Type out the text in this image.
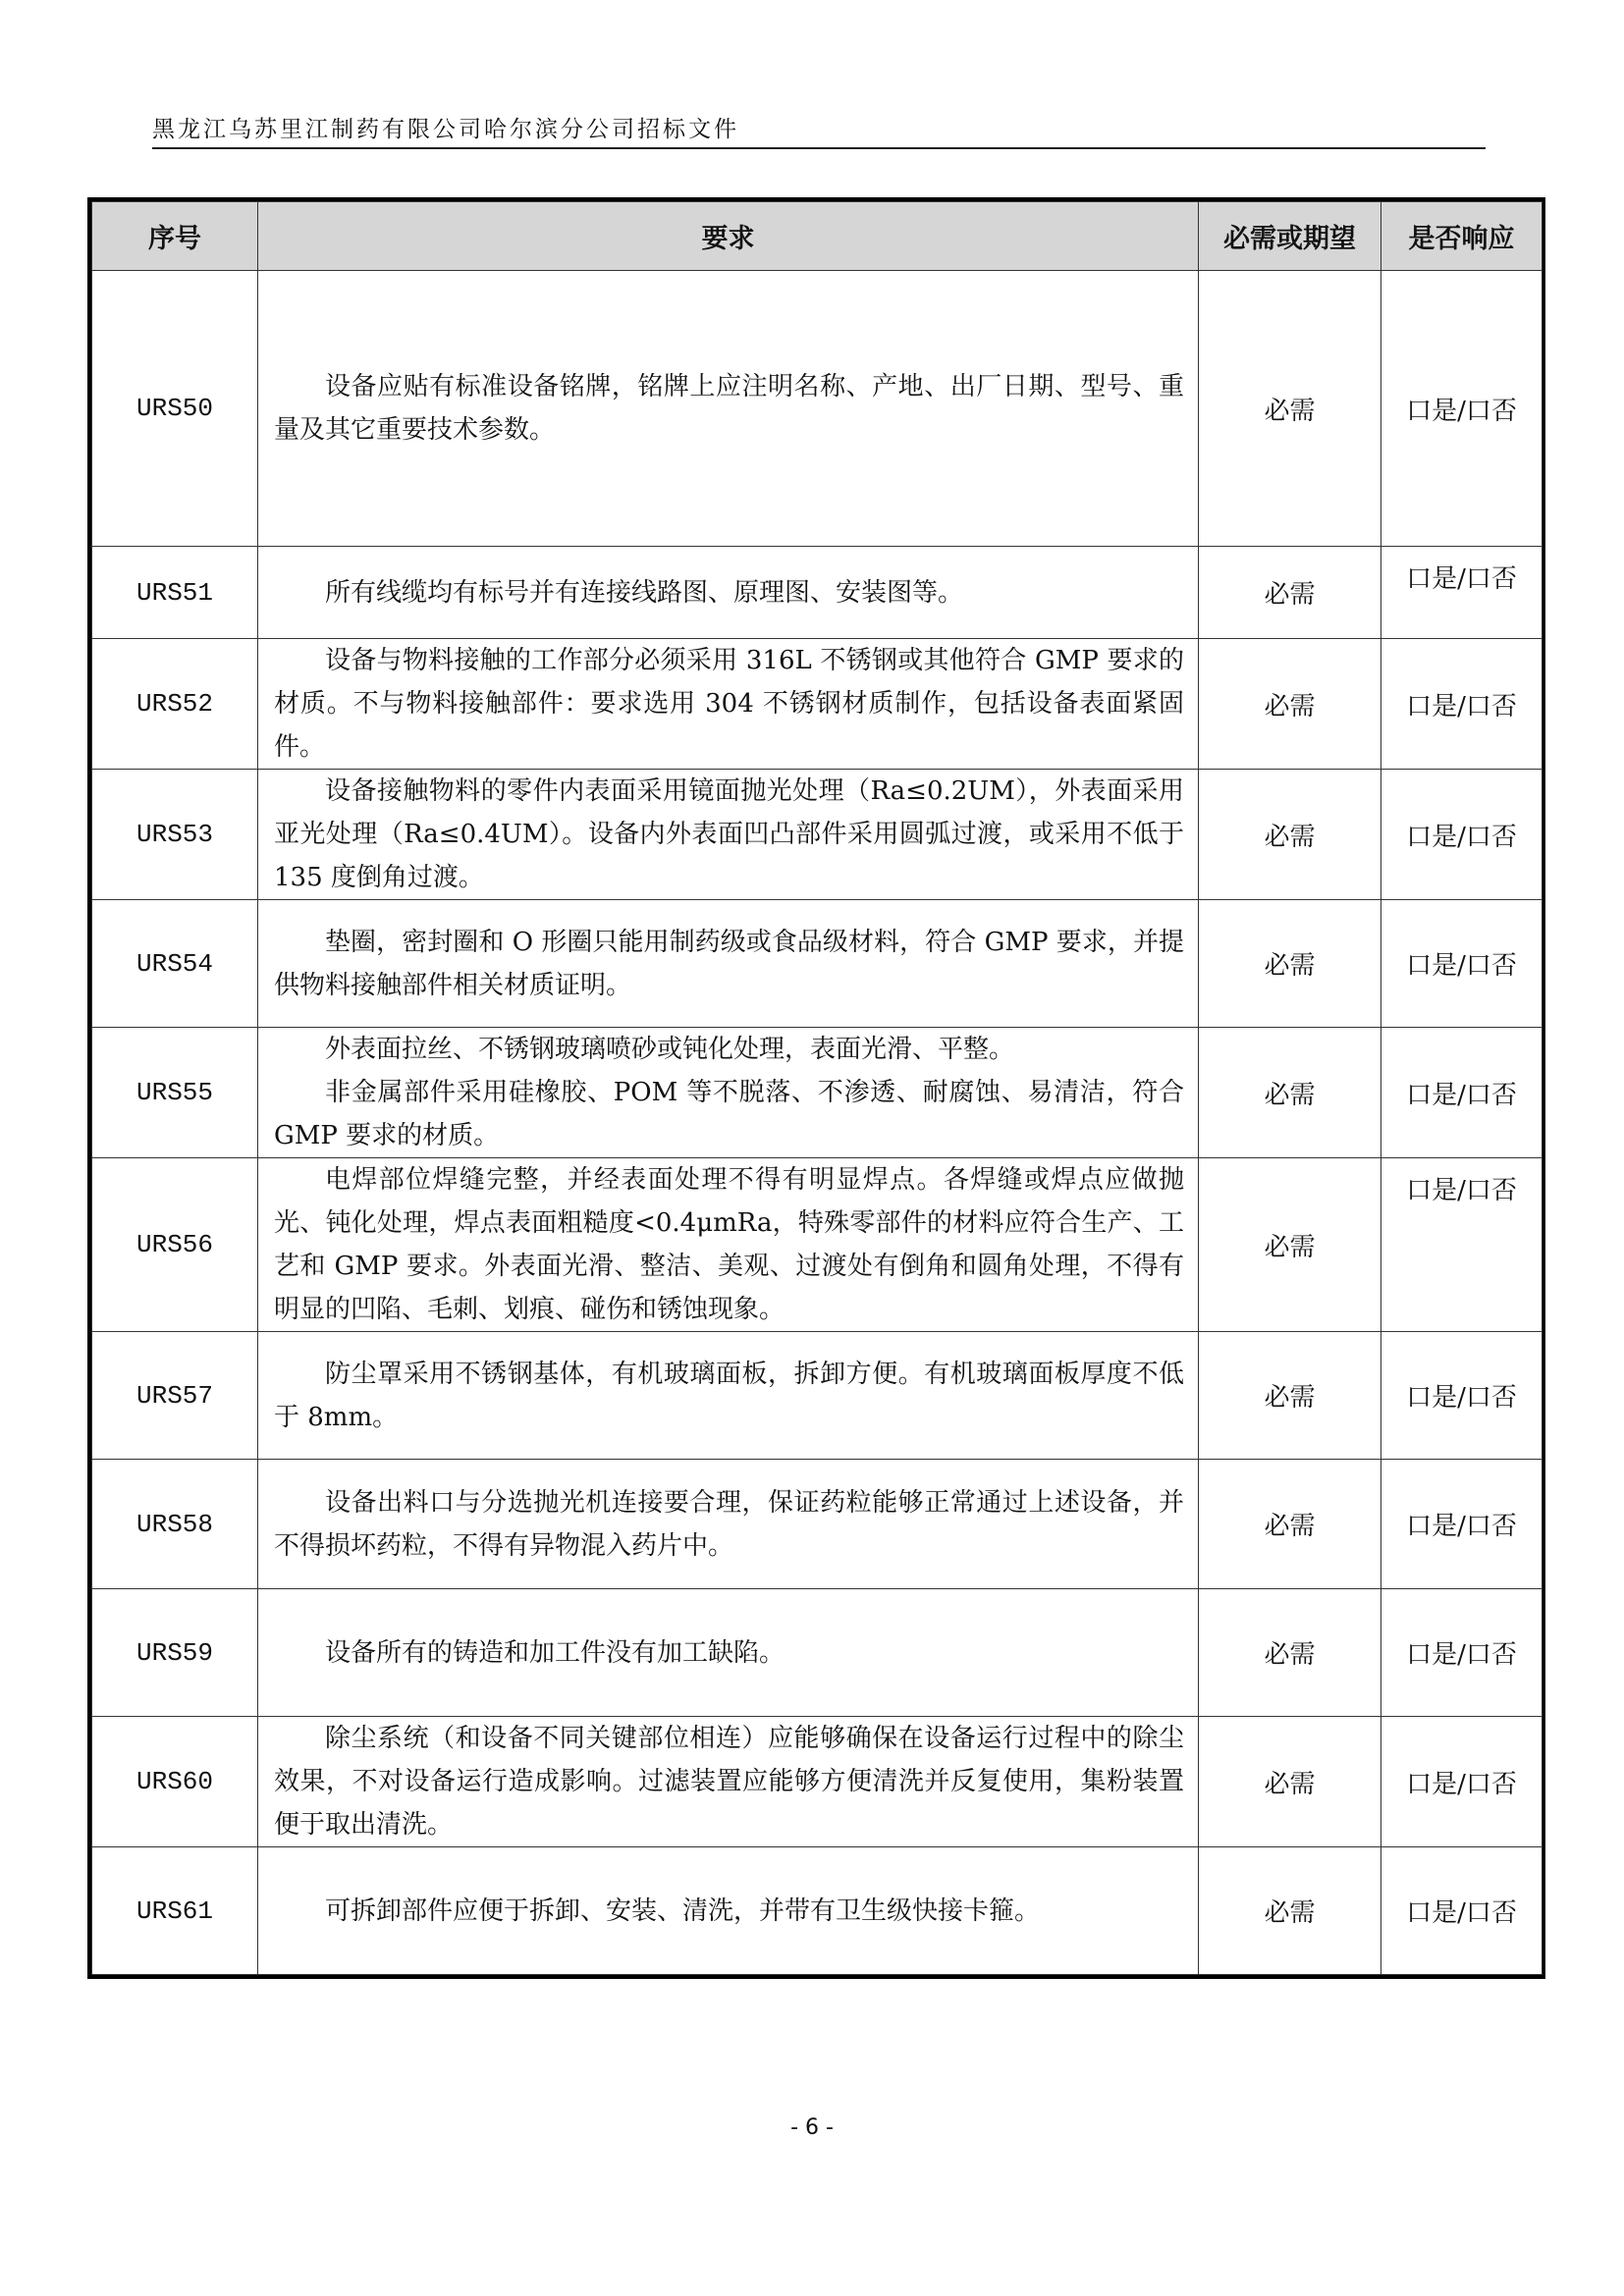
黑龙江乌苏里江制药有限公司哈尔滨分公司招标文件
序号	要求	必需或期望	是否响应
URS50	设备应贴有标准设备铭牌，铭牌上应注明名称、产地、出厂日期、型号、重量及其它重要技术参数。	必需	口是/口否
URS51	所有线缆均有标号并有连接线路图、原理图、安装图等。	必需	口是/口否
URS52	设备与物料接触的工作部分必须采用 316L 不锈钢或其他符合 GMP 要求的材质。不与物料接触部件：要求选用 304 不锈钢材质制作，包括设备表面紧固件。	必需	口是/口否
URS53	设备接触物料的零件内表面采用镜面抛光处理（Ra≤0.2UM），外表面采用亚光处理（Ra≤0.4UM）。设备内外表面凹凸部件采用圆弧过渡，或采用不低于 135 度倒角过渡。	必需	口是/口否
URS54	垫圈，密封圈和 O 形圈只能用制药级或食品级材料，符合 GMP 要求，并提供物料接触部件相关材质证明。	必需	口是/口否
URS55	外表面拉丝、不锈钢玻璃喷砂或钝化处理，表面光滑、平整。

非金属部件采用硅橡胶、POM 等不脱落、不渗透、耐腐蚀、易清洁，符合 GMP 要求的材质。	必需	口是/口否
URS56	电焊部位焊缝完整，并经表面处理不得有明显焊点。各焊缝或焊点应做抛光、钝化处理，焊点表面粗糙度<0.4μmRa，特殊零部件的材料应符合生产、工艺和 GMP 要求。外表面光滑、整洁、美观、过渡处有倒角和圆角处理，不得有明显的凹陷、毛刺、划痕、碰伤和锈蚀现象。	必需	口是/口否
URS57	防尘罩采用不锈钢基体，有机玻璃面板，拆卸方便。有机玻璃面板厚度不低于 8mm。	必需	口是/口否
URS58	设备出料口与分选抛光机连接要合理，保证药粒能够正常通过上述设备，并不得损坏药粒，不得有异物混入药片中。	必需	口是/口否
URS59	设备所有的铸造和加工件没有加工缺陷。	必需	口是/口否
URS60	除尘系统（和设备不同关键部位相连）应能够确保在设备运行过程中的除尘效果，不对设备运行造成影响。过滤装置应能够方便清洗并反复使用，集粉装置便于取出清洗。	必需	口是/口否
URS61	可拆卸部件应便于拆卸、安装、清洗，并带有卫生级快接卡箍。	必需	口是/口否
- 6 -
